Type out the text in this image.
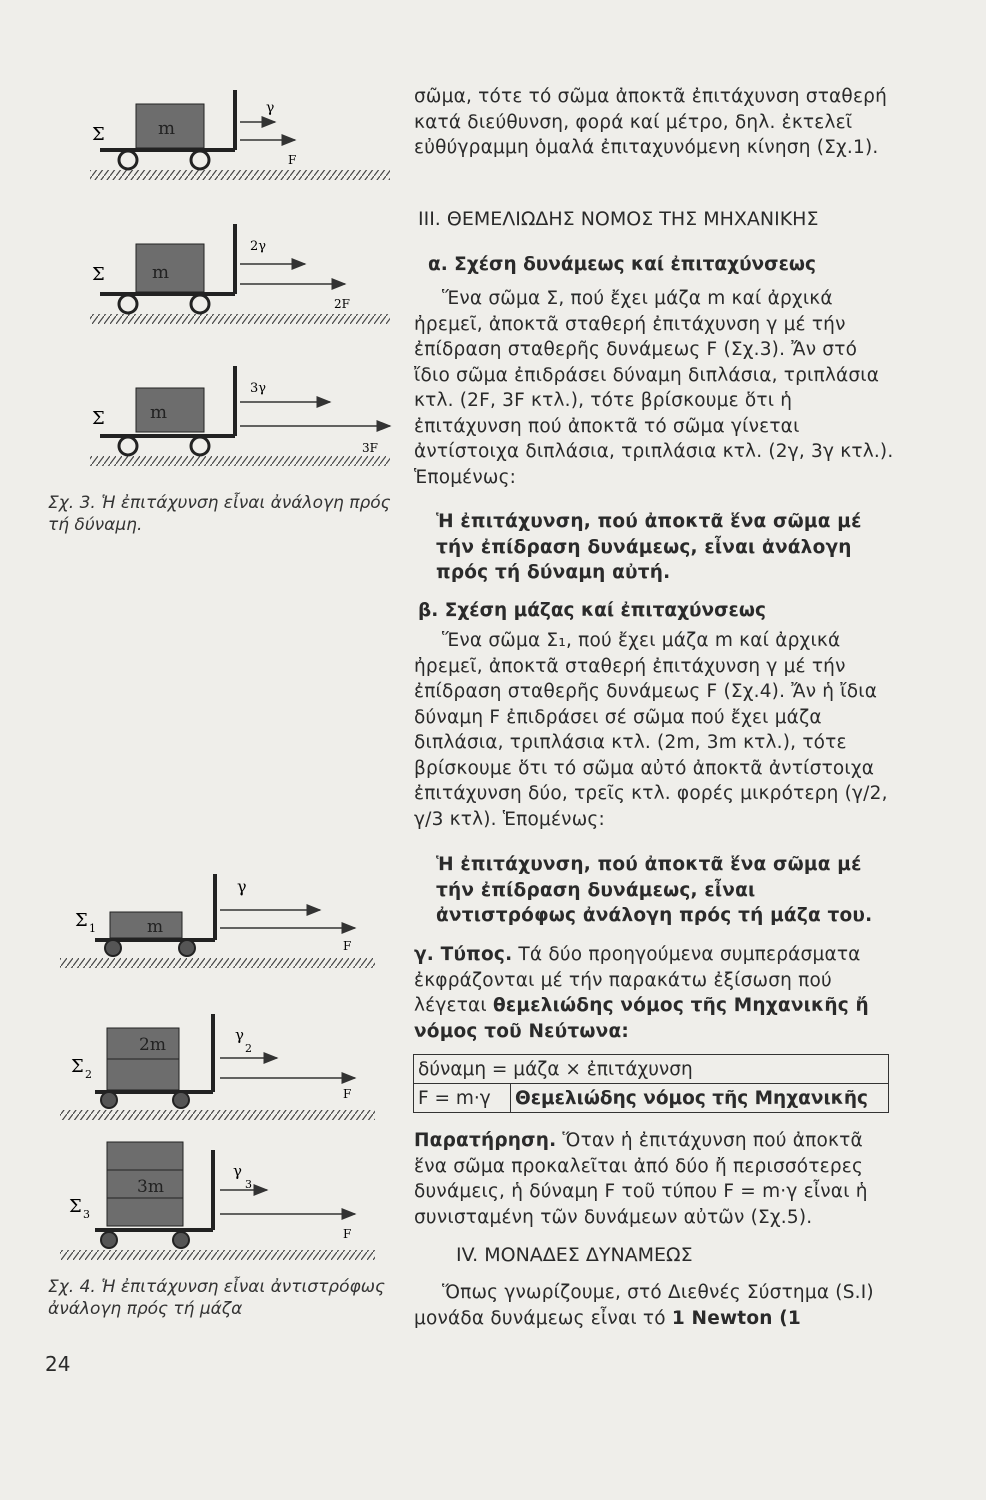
Σ	m
γ
F
Σ	m
2γ
2F
Σ	m
3γ
3F
Σχ. 3. Ἡ ἐπιτάχυνση εἶναι ἀνάλογη πρός τή δύναμη.
Σ 1	m
γ
F
Σ 2
2m	γ
2
F
Σ 3
3m
γ
3
F
Σχ. 4. Ἡ ἐπιτάχυνση εἶναι ἀντιστρόφως ἀνάλογη πρός τή μάζα

σῶμα, τότε τό σῶμα ἀποκτᾶ ἐπιτάχυνση σταθερή κατά διεύθυνση, φορά καί μέτρο, δηλ. ἐκτελεῖ εὐθύγραμμη ὁμαλά ἐπιταχυνόμενη κίνηση (Σχ.1).

III. ΘΕΜΕΛΙΩΔΗΣ ΝΟΜΟΣ ΤΗΣ ΜΗΧΑΝΙΚΗΣ
α. Σχέση δυνάμεως καί ἐπιταχύνσεως

Ἕνα σῶμα Σ, πού ἔχει μάζα m καί ἀρχικά ἠρεμεῖ, ἀποκτᾶ σταθερή ἐπιτάχυνση γ μέ τήν ἐπίδραση σταθερῆς δυνάμεως F (Σχ.3). Ἄν στό ἴδιο σῶμα ἐπιδράσει δύναμη διπλάσια, τριπλάσια κτλ. (2F, 3F κτλ.), τότε βρίσκουμε ὅτι ἡ ἐπιτάχυνση πού ἀποκτᾶ τό σῶμα γίνεται ἀντίστοιχα διπλάσια, τριπλάσια κτλ. (2γ, 3γ κτλ.). Ἑπομένως:

Ἡ ἐπιτάχυνση, πού ἀποκτᾶ ἕνα σῶμα μέ τήν ἐπίδραση δυνάμεως, εἶναι ἀνάλογη πρός τή δύναμη αὐτή.

β. Σχέση μάζας καί ἐπιταχύνσεως

Ἕνα σῶμα Σ₁, πού ἔχει μάζα m καί ἀρχικά ἠρεμεῖ, ἀποκτᾶ σταθερή ἐπιτάχυνση γ μέ τήν ἐπίδραση σταθερῆς δυνάμεως F (Σχ.4). Ἄν ἡ ἴδια δύναμη F ἐπιδράσει σέ σῶμα πού ἔχει μάζα διπλάσια, τριπλάσια κτλ. (2m, 3m κτλ.), τότε βρίσκουμε ὅτι τό σῶμα αὐτό ἀποκτᾶ ἀντίστοιχα ἐπιτάχυνση δύο, τρεῖς κτλ. φορές μικρότερη (γ/2, γ/3 κτλ). Ἑπομένως:

Ἡ ἐπιτάχυνση, πού ἀποκτᾶ ἕνα σῶμα μέ τήν ἐπίδραση δυνάμεως, εἶναι ἀντιστρόφως ἀνάλογη πρός τή μάζα του.

γ. Τύπος. Τά δύο προηγούμενα συμπεράσματα ἐκφράζονται μέ τήν παρακάτω ἐξίσωση πού λέγεται θεμελιώδης νόμος τῆς Μηχανικῆς ἤ νόμος τοῦ Νεύτωνα:

δύναμη = μάζα × ἐπιτάχυνση
F = m·γ	Θεμελιώδης νόμος τῆς Μηχανικῆς

Παρατήρηση. Ὅταν ἡ ἐπιτάχυνση πού ἀποκτᾶ ἕνα σῶμα προκαλεῖται ἀπό δύο ἤ περισσότερες δυνάμεις, ἡ δύναμη F τοῦ τύπου F = m·γ εἶναι ἡ συνισταμένη τῶν δυνάμεων αὐτῶν (Σχ.5).

IV. ΜΟΝΑΔΕΣ ΔΥΝΑΜΕΩΣ

Ὅπως γνωρίζουμε, στό Διεθνές Σύστημα (S.I) μονάδα δυνάμεως εἶναι τό 1 Newton (1

24
